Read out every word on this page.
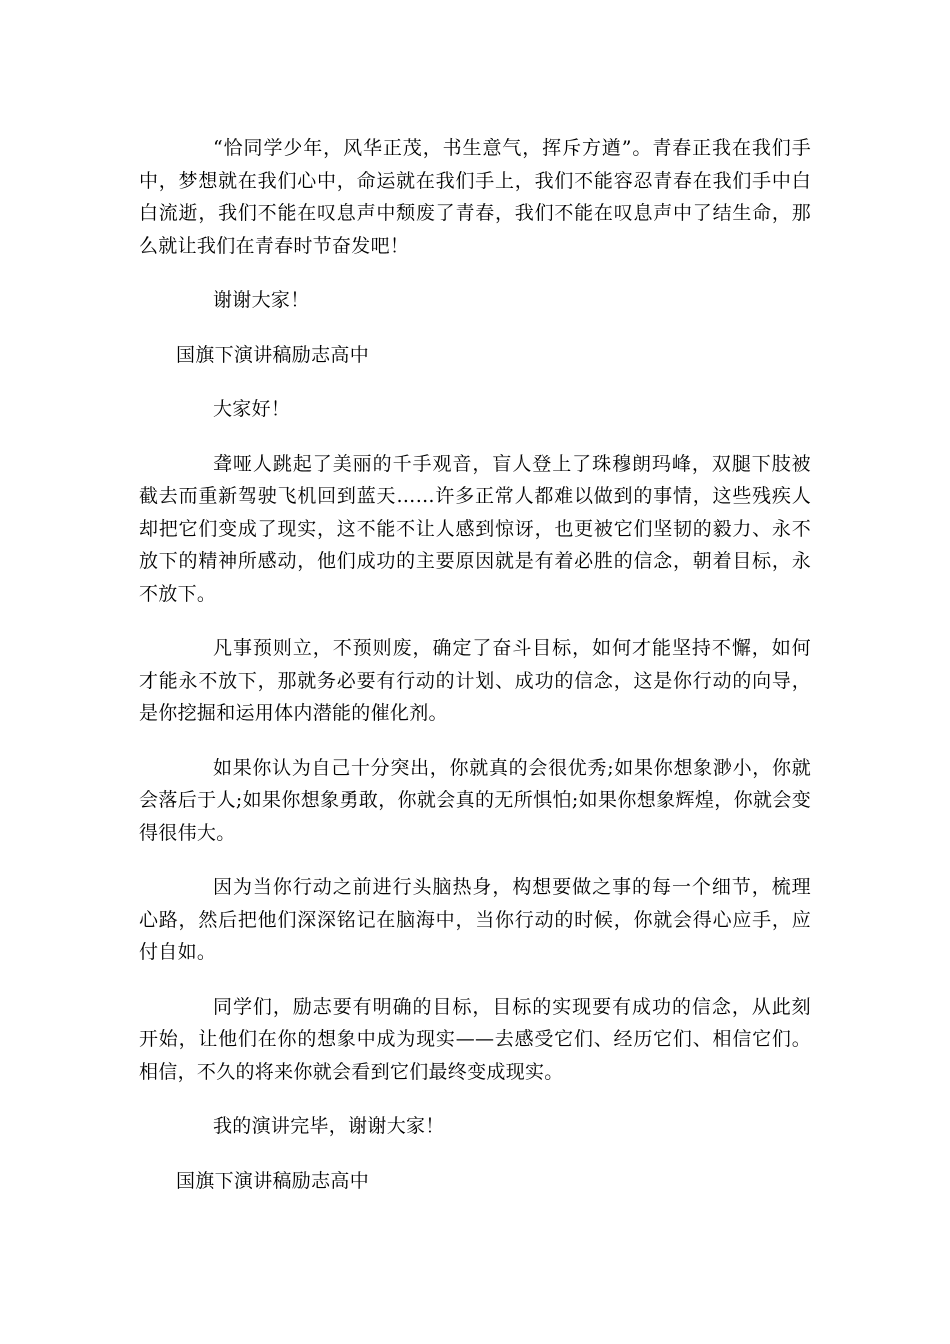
“恰同学少年，风华正茂，书生意气，挥斥方遒”。青春正我在我们手中，梦想就在我们心中，命运就在我们手上，我们不能容忍青春在我们手中白白流逝，我们不能在叹息声中颓废了青春，我们不能在叹息声中了结生命，那么就让我们在青春时节奋发吧！

谢谢大家！

国旗下演讲稿励志高中

大家好！

聋哑人跳起了美丽的千手观音，盲人登上了珠穆朗玛峰，双腿下肢被截去而重新驾驶飞机回到蓝天……许多正常人都难以做到的事情，这些残疾人却把它们变成了现实，这不能不让人感到惊讶，也更被它们坚韧的毅力、永不放下的精神所感动，他们成功的主要原因就是有着必胜的信念，朝着目标，永不放下。

凡事预则立，不预则废，确定了奋斗目标，如何才能坚持不懈，如何才能永不放下，那就务必要有行动的计划、成功的信念，这是你行动的向导，是你挖掘和运用体内潜能的催化剂。

如果你认为自己十分突出，你就真的会很优秀;如果你想象渺小，你就会落后于人;如果你想象勇敢，你就会真的无所惧怕;如果你想象辉煌，你就会变得很伟大。

因为当你行动之前进行头脑热身，构想要做之事的每一个细节，梳理心路，然后把他们深深铭记在脑海中，当你行动的时候，你就会得心应手，应付自如。

同学们，励志要有明确的目标，目标的实现要有成功的信念，从此刻开始，让他们在你的想象中成为现实——去感受它们、经历它们、相信它们。相信，不久的将来你就会看到它们最终变成现实。

我的演讲完毕，谢谢大家！

国旗下演讲稿励志高中
